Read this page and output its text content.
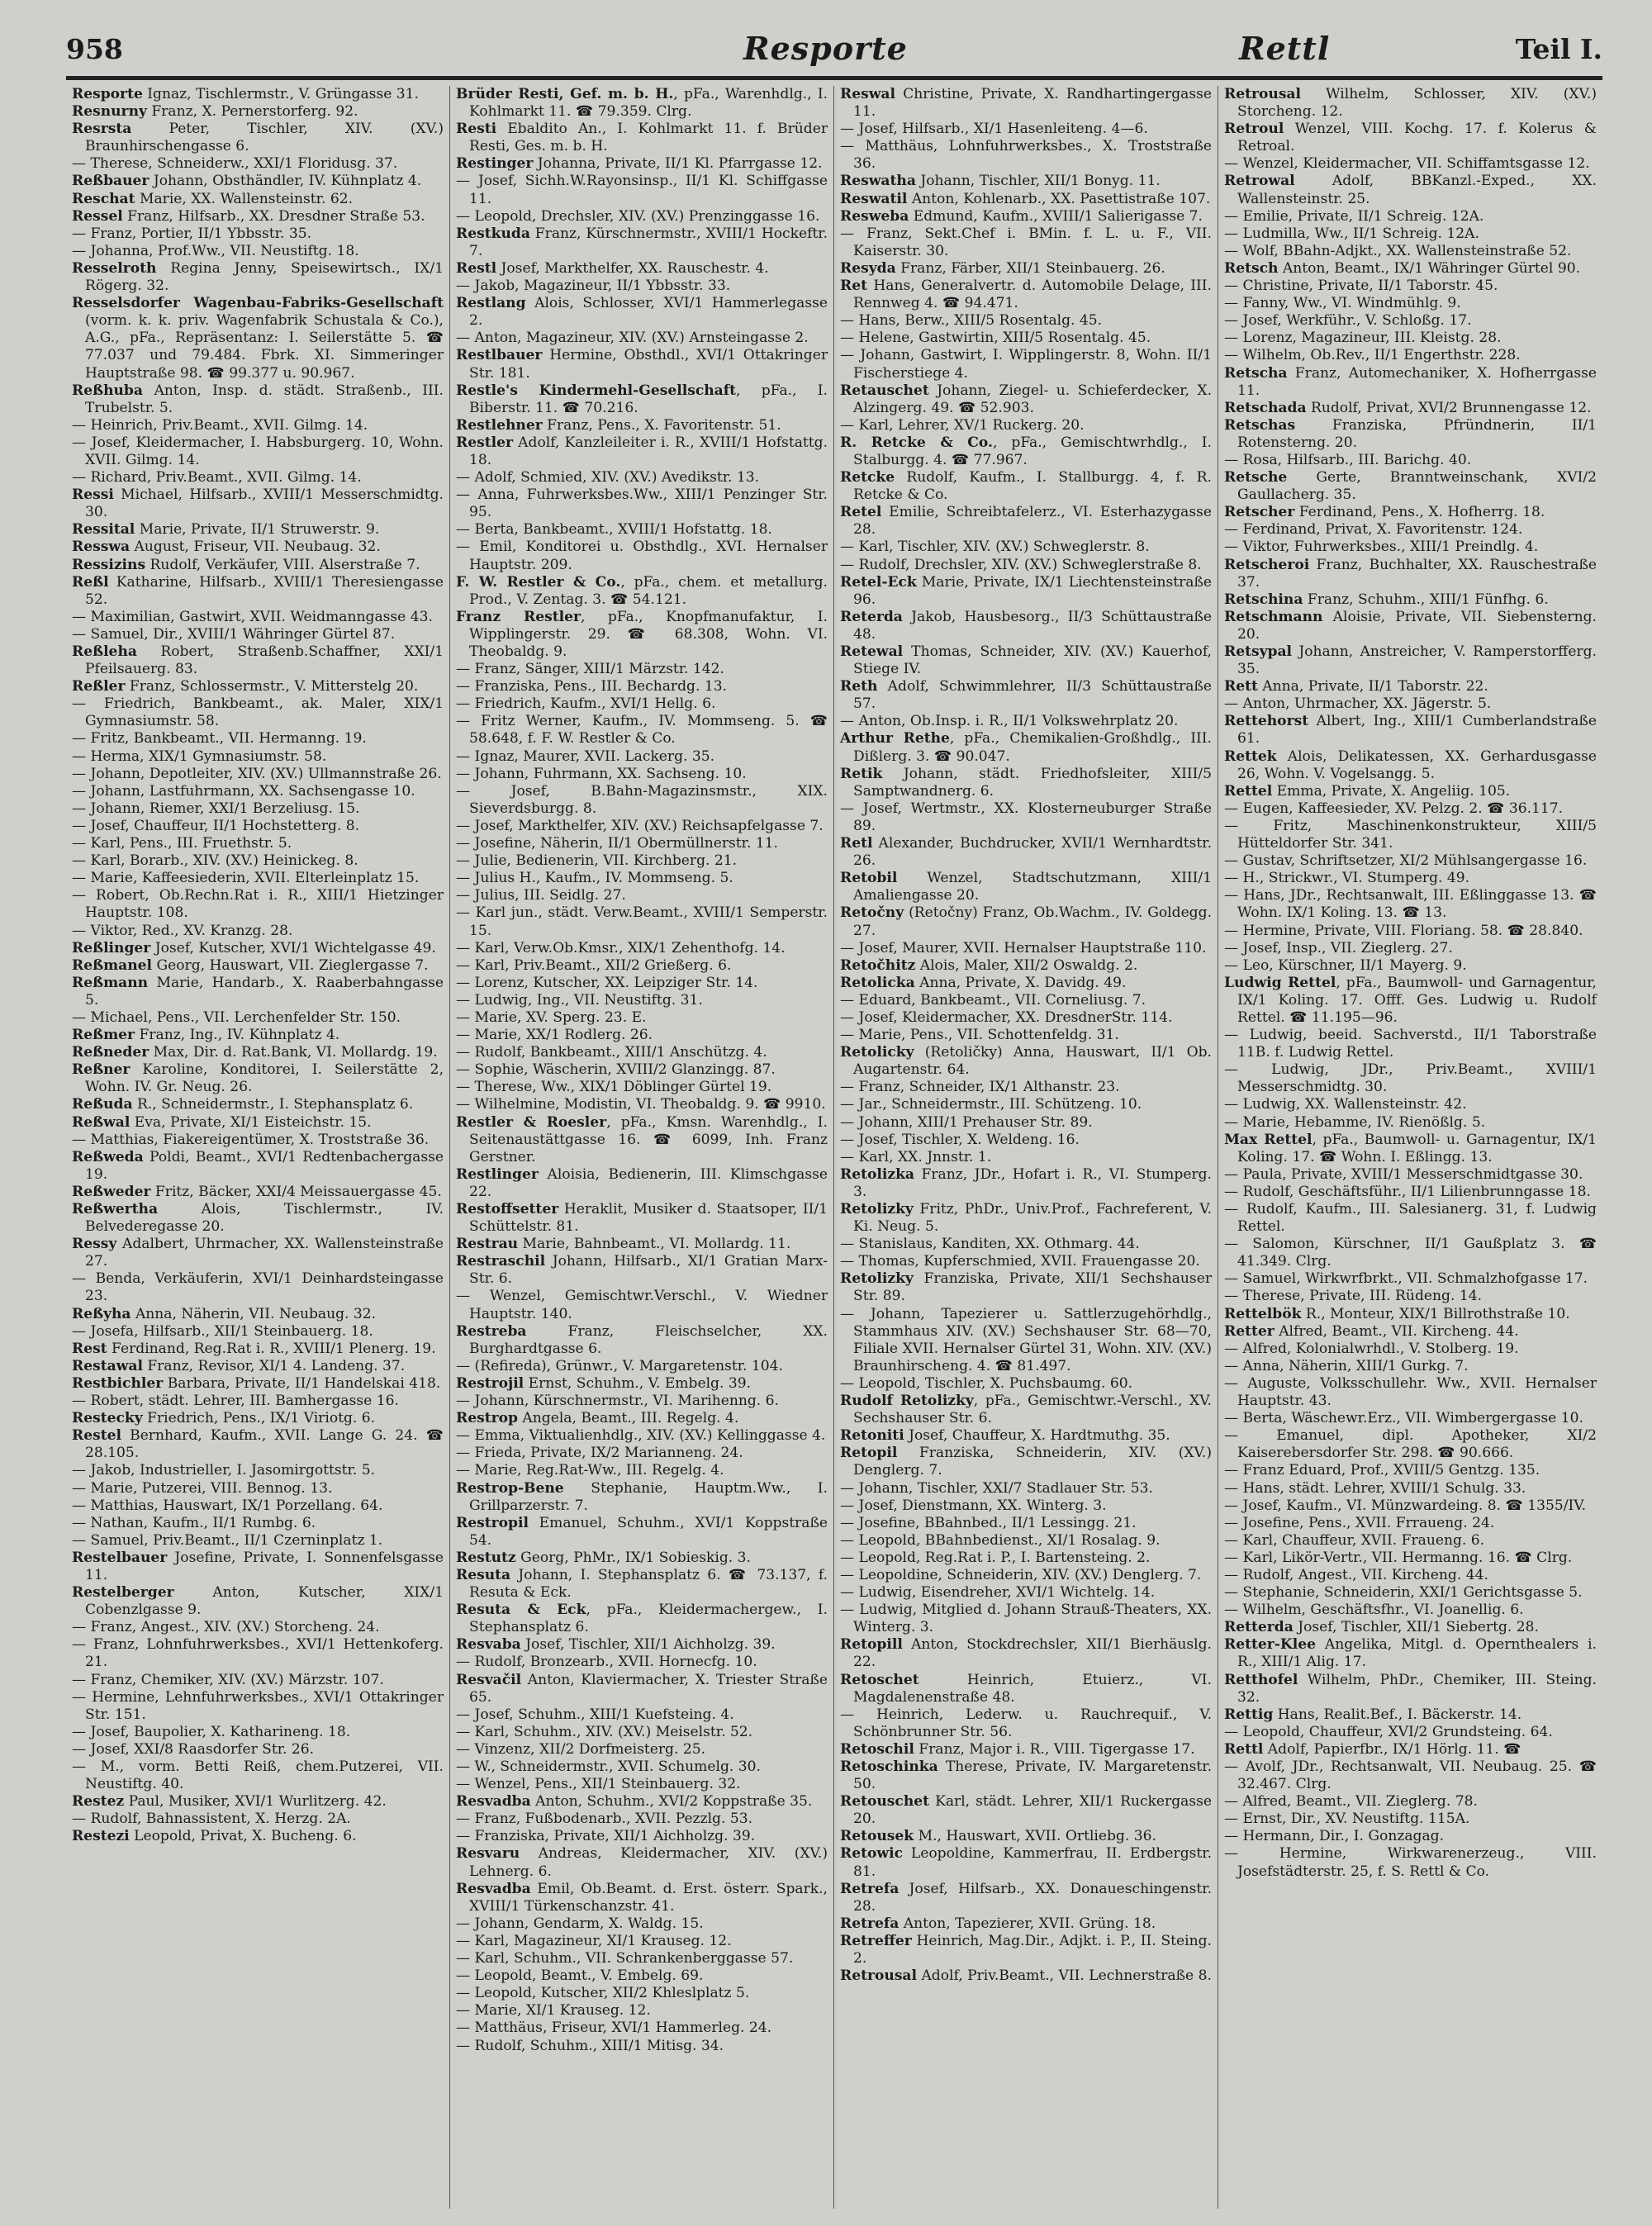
958	Resporte	Rettl	Teil I.
Resporte Ignaz, Tischlermstr., V. Grüngasse 31.
Resnurny Franz, X. Pernerstorferg. 92.
Resrsta Peter, Tischler, XIV. (XV.) Braunhirschengasse 6.
— Therese, Schneiderw., XXI/1 Floridusg. 37.
Reßbauer Johann, Obsthändler, IV. Kühnplatz 4.
Reschat Marie, XX. Wallensteinstr. 62.
Ressel Franz, Hilfsarb., XX. Dresdner Straße 53.
— Franz, Portier, II/1 Ybbsstr. 35.
— Johanna, Prof.Ww., VII. Neustiftg. 18.
Resselroth Regina Jenny, Speisewirtsch., IX/1 Rögerg. 32.
Resselsdorfer Wagenbau-Fabriks-Gesellschaft (vorm. k. k. priv. Wagenfabrik Schustala & Co.), A.G., pFa., Repräsentanz: I. Seilerstätte 5. ☎ 77.037 und 79.484. Fbrk. XI. Simmeringer Hauptstraße 98. ☎ 99.377 u. 90.967.
Reßhuba Anton, Insp. d. städt. Straßenb., III. Trubelstr. 5.
— Heinrich, Priv.Beamt., XVII. Gilmg. 14.
— Josef, Kleidermacher, I. Habsburgerg. 10, Wohn. XVII. Gilmg. 14.
— Richard, Priv.Beamt., XVII. Gilmg. 14.
Ressi Michael, Hilfsarb., XVIII/1 Messerschmidtg. 30.
Ressital Marie, Private, II/1 Struwerstr. 9.
Resswa August, Friseur, VII. Neubaug. 32.
Ressizins Rudolf, Verkäufer, VIII. Alserstraße 7.
Reßl Katharine, Hilfsarb., XVIII/1 Theresiengasse 52.
— Maximilian, Gastwirt, XVII. Weidmanngasse 43.
— Samuel, Dir., XVIII/1 Währinger Gürtel 87.
Reßleha Robert, Straßenb.Schaffner, XXI/1 Pfeilsauerg. 83.
Reßler Franz, Schlossermstr., V. Mitterstelg 20.
— Friedrich, Bankbeamt., ak. Maler, XIX/1 Gymnasiumstr. 58.
— Fritz, Bankbeamt., VII. Hermanng. 19.
— Herma, XIX/1 Gymnasiumstr. 58.
— Johann, Depotleiter, XIV. (XV.) Ullmannstraße 26.
— Johann, Lastfuhrmann, XX. Sachsengasse 10.
— Johann, Riemer, XXI/1 Berzeliusg. 15.
— Josef, Chauffeur, II/1 Hochstetterg. 8.
— Karl, Pens., III. Fruethstr. 5.
— Karl, Borarb., XIV. (XV.) Heinickeg. 8.
— Marie, Kaffeesiederin, XVII. Elterleinplatz 15.
— Robert, Ob.Rechn.Rat i. R., XIII/1 Hietzinger Hauptstr. 108.
— Viktor, Red., XV. Kranzg. 28.
Reßlinger Josef, Kutscher, XVI/1 Wichtelgasse 49.
Reßmanel Georg, Hauswart, VII. Zieglergasse 7.
Reßmann Marie, Handarb., X. Raaberbahngasse 5.
— Michael, Pens., VII. Lerchenfelder Str. 150.
Reßmer Franz, Ing., IV. Kühnplatz 4.
Reßneder Max, Dir. d. Rat.Bank, VI. Mollardg. 19.
Reßner Karoline, Konditorei, I. Seilerstätte 2, Wohn. IV. Gr. Neug. 26.
Reßuda R., Schneidermstr., I. Stephansplatz 6.
Reßwal Eva, Private, XI/1 Eisteichstr. 15.
— Matthias, Fiakereigentümer, X. Troststraße 36.
Reßweda Poldi, Beamt., XVI/1 Redtenbachergasse 19.
Reßweder Fritz, Bäcker, XXI/4 Meissauergasse 45.
Reßwertha Alois, Tischlermstr., IV. Belvederegasse 20.
Ressy Adalbert, Uhrmacher, XX. Wallensteinstraße 27.
— Benda, Verkäuferin, XVI/1 Deinhardsteingasse 23.
Reßyha Anna, Näherin, VII. Neubaug. 32.
— Josefa, Hilfsarb., XII/1 Steinbauerg. 18.
Rest Ferdinand, Reg.Rat i. R., XVIII/1 Plenerg. 19.
Restawal Franz, Revisor, XI/1 4. Landeng. 37.
Restbichler Barbara, Private, II/1 Handelskai 418.
— Robert, städt. Lehrer, III. Bamhergasse 16.
Restecky Friedrich, Pens., IX/1 Viriotg. 6.
Restel Bernhard, Kaufm., XVII. Lange G. 24. ☎ 28.105.
— Jakob, Industrieller, I. Jasomirgottstr. 5.
— Marie, Putzerei, VIII. Bennog. 13.
— Matthias, Hauswart, IX/1 Porzellang. 64.
— Nathan, Kaufm., II/1 Rumbg. 6.
— Samuel, Priv.Beamt., II/1 Czerninplatz 1.
Restelbauer Josefine, Private, I. Sonnenfelsgasse 11.
Restelberger Anton, Kutscher, XIX/1 Cobenzlgasse 9.
— Franz, Angest., XIV. (XV.) Storcheng. 24.
— Franz, Lohnfuhrwerksbes., XVI/1 Hettenkoferg. 21.
— Franz, Chemiker, XIV. (XV.) Märzstr. 107.
— Hermine, Lehnfuhrwerksbes., XVI/1 Ottakringer Str. 151.
— Josef, Baupolier, X. Katharineng. 18.
— Josef, XXI/8 Raasdorfer Str. 26.
— M., vorm. Betti Reiß, chem.Putzerei, VII. Neustiftg. 40.
Restez Paul, Musiker, XVI/1 Wurlitzerg. 42.
— Rudolf, Bahnassistent, X. Herzg. 2A.
Restezi Leopold, Privat, X. Bucheng. 6.
Brüder Resti, Gef. m. b. H., pFa., Warenhdlg., I. Kohlmarkt 11. ☎ 79.359. Clrg.
Resti Ebaldito An., I. Kohlmarkt 11. f. Brüder Resti, Ges. m. b. H.
Restinger Johanna, Private, II/1 Kl. Pfarrgasse 12.
— Josef, Sichh.W.Rayonsinsp., II/1 Kl. Schiffgasse 11.
— Leopold, Drechsler, XIV. (XV.) Prenzinggasse 16.
Restkuda Franz, Kürschnermstr., XVIII/1 Hockeftr. 7.
Restl Josef, Markthelfer, XX. Rauschestr. 4.
— Jakob, Magazineur, II/1 Ybbsstr. 33.
Restlang Alois, Schlosser, XVI/1 Hammerlegasse 2.
— Anton, Magazineur, XIV. (XV.) Arnsteingasse 2.
Restlbauer Hermine, Obsthdl., XVI/1 Ottakringer Str. 181.
Restle's Kindermehl-Gesellschaft, pFa., I. Biberstr. 11. ☎ 70.216.
Restlehner Franz, Pens., X. Favoritenstr. 51.
Restler Adolf, Kanzleileiter i. R., XVIII/1 Hofstattg. 18.
— Adolf, Schmied, XIV. (XV.) Avedikstr. 13.
— Anna, Fuhrwerksbes.Ww., XIII/1 Penzinger Str. 95.
— Berta, Bankbeamt., XVIII/1 Hofstattg. 18.
— Emil, Konditorei u. Obsthdlg., XVI. Hernalser Hauptstr. 209.
F. W. Restler & Co., pFa., chem. et metallurg. Prod., V. Zentag. 3. ☎ 54.121.
Franz Restler, pFa., Knopfmanufaktur, I. Wipplingerstr. 29. ☎ 68.308, Wohn. VI. Theobaldg. 9.
— Franz, Sänger, XIII/1 Märzstr. 142.
— Franziska, Pens., III. Bechardg. 13.
— Friedrich, Kaufm., XVI/1 Hellg. 6.
— Fritz Werner, Kaufm., IV. Mommseng. 5. ☎ 58.648, f. F. W. Restler & Co.
— Ignaz, Maurer, XVII. Lackerg. 35.
— Johann, Fuhrmann, XX. Sachseng. 10.
— Josef, B.Bahn-Magazinsmstr., XIX. Sieverdsburgg. 8.
— Josef, Markthelfer, XIV. (XV.) Reichsapfelgasse 7.
— Josefine, Näherin, II/1 Obermüllnerstr. 11.
— Julie, Bedienerin, VII. Kirchberg. 21.
— Julius H., Kaufm., IV. Mommseng. 5.
— Julius, III. Seidlg. 27.
— Karl jun., städt. Verw.Beamt., XVIII/1 Semperstr. 15.
— Karl, Verw.Ob.Kmsr., XIX/1 Zehenthofg. 14.
— Karl, Priv.Beamt., XII/2 Grießerg. 6.
— Lorenz, Kutscher, XX. Leipziger Str. 14.
— Ludwig, Ing., VII. Neustiftg. 31.
— Marie, XV. Sperg. 23. E.
— Marie, XX/1 Rodlerg. 26.
— Rudolf, Bankbeamt., XIII/1 Anschützg. 4.
— Sophie, Wäscherin, XVIII/2 Glanzingg. 87.
— Therese, Ww., XIX/1 Döblinger Gürtel 19.
— Wilhelmine, Modistin, VI. Theobaldg. 9. ☎ 9910.
Restler & Roesler, pFa., Kmsn. Warenhdlg., I. Seitenaustättgasse 16. ☎ 6099, Inh. Franz Gerstner.
Restlinger Aloisia, Bedienerin, III. Klimschgasse 22.
Restoffsetter Heraklit, Musiker d. Staatsoper, II/1 Schüttelstr. 81.
Restrau Marie, Bahnbeamt., VI. Mollardg. 11.
Restraschil Johann, Hilfsarb., XI/1 Gratian Marx-Str. 6.
— Wenzel, Gemischtwr.Verschl., V. Wiedner Hauptstr. 140.
Restreba Franz, Fleischselcher, XX. Burghardtgasse 6.
— (Refireda), Grünwr., V. Margaretenstr. 104.
Restrojil Ernst, Schuhm., V. Embelg. 39.
— Johann, Kürschnermstr., VI. Marihenng. 6.
Restrop Angela, Beamt., III. Regelg. 4.
— Emma, Viktualienhdlg., XIV. (XV.) Kellinggasse 4.
— Frieda, Private, IX/2 Marianneng. 24.
— Marie, Reg.Rat-Ww., III. Regelg. 4.
Restrop-Bene Stephanie, Hauptm.Ww., I. Grillparzerstr. 7.
Restropil Emanuel, Schuhm., XVI/1 Koppstraße 54.
Restutz Georg, PhMr., IX/1 Sobieskig. 3.
Resuta Johann, I. Stephansplatz 6. ☎ 73.137, f. Resuta & Eck.
Resuta & Eck, pFa., Kleidermachergew., I. Stephansplatz 6.
Resvaba Josef, Tischler, XII/1 Aichholzg. 39.
— Rudolf, Bronzearb., XVII. Hornecfg. 10.
Resvačil Anton, Klaviermacher, X. Triester Straße 65.
— Josef, Schuhm., XIII/1 Kuefsteing. 4.
— Karl, Schuhm., XIV. (XV.) Meiselstr. 52.
— Vinzenz, XII/2 Dorfmeisterg. 25.
— W., Schneidermstr., XVII. Schumelg. 30.
— Wenzel, Pens., XII/1 Steinbauerg. 32.
Resvadba Anton, Schuhm., XVI/2 Koppstraße 35.
— Franz, Fußbodenarb., XVII. Pezzlg. 53.
— Franziska, Private, XII/1 Aichholzg. 39.
Resvaru Andreas, Kleidermacher, XIV. (XV.) Lehnerg. 6.
Resvadba Emil, Ob.Beamt. d. Erst. österr. Spark., XVIII/1 Türkenschanzstr. 41.
— Johann, Gendarm, X. Waldg. 15.
— Karl, Magazineur, XI/1 Krauseg. 12.
— Karl, Schuhm., VII. Schrankenberggasse 57.
— Leopold, Beamt., V. Embelg. 69.
— Leopold, Kutscher, XII/2 Khleslplatz 5.
— Marie, XI/1 Krauseg. 12.
— Matthäus, Friseur, XVI/1 Hammerleg. 24.
— Rudolf, Schuhm., XIII/1 Mitisg. 34.
Reswal Christine, Private, X. Randhartingergasse 11.
— Josef, Hilfsarb., XI/1 Hasenleiteng. 4—6.
— Matthäus, Lohnfuhrwerksbes., X. Troststraße 36.
Reswatha Johann, Tischler, XII/1 Bonyg. 11.
Reswatil Anton, Kohlenarb., XX. Pasettistraße 107.
Resweba Edmund, Kaufm., XVIII/1 Salierigasse 7.
— Franz, Sekt.Chef i. BMin. f. L. u. F., VII. Kaiserstr. 30.
Resyda Franz, Färber, XII/1 Steinbauerg. 26.
Ret Hans, Generalvertr. d. Automobile Delage, III. Rennweg 4. ☎ 94.471.
— Hans, Berw., XIII/5 Rosentalg. 45.
— Helene, Gastwirtin, XIII/5 Rosentalg. 45.
— Johann, Gastwirt, I. Wipplingerstr. 8, Wohn. II/1 Fischerstiege 4.
Retauschet Johann, Ziegel- u. Schieferdecker, X. Alzingerg. 49. ☎ 52.903.
— Karl, Lehrer, XV/1 Ruckerg. 20.
R. Retcke & Co., pFa., Gemischtwrhdlg., I. Stalburgg. 4. ☎ 77.967.
Retcke Rudolf, Kaufm., I. Stallburgg. 4, f. R. Retcke & Co.
Retel Emilie, Schreibtafelerz., VI. Esterhazygasse 28.
— Karl, Tischler, XIV. (XV.) Schweglerstr. 8.
— Rudolf, Drechsler, XIV. (XV.) Schweglerstraße 8.
Retel-Eck Marie, Private, IX/1 Liechtensteinstraße 96.
Reterda Jakob, Hausbesorg., II/3 Schüttaustraße 48.
Retewal Thomas, Schneider, XIV. (XV.) Kauerhof, Stiege IV.
Reth Adolf, Schwimmlehrer, II/3 Schüttaustraße 57.
— Anton, Ob.Insp. i. R., II/1 Volkswehrplatz 20.
Arthur Rethe, pFa., Chemikalien-Großhdlg., III. Dißlerg. 3. ☎ 90.047.
Retik Johann, städt. Friedhofsleiter, XIII/5 Samptwandnerg. 6.
— Josef, Wertmstr., XX. Klosterneuburger Straße 89.
Retl Alexander, Buchdrucker, XVII/1 Wernhardtstr. 26.
Retobil Wenzel, Stadtschutzmann, XIII/1 Amaliengasse 20.
Retočny (Retočny) Franz, Ob.Wachm., IV. Goldegg. 27.
— Josef, Maurer, XVII. Hernalser Hauptstraße 110.
Retočhitz Alois, Maler, XII/2 Oswaldg. 2.
Retolicka Anna, Private, X. Davidg. 49.
— Eduard, Bankbeamt., VII. Corneliusg. 7.
— Josef, Kleidermacher, XX. DresdnerStr. 114.
— Marie, Pens., VII. Schottenfeldg. 31.
Retolicky (Retoličky) Anna, Hauswart, II/1 Ob. Augartenstr. 64.
— Franz, Schneider, IX/1 Althanstr. 23.
— Jar., Schneidermstr., III. Schützeng. 10.
— Johann, XIII/1 Prehauser Str. 89.
— Josef, Tischler, X. Weldeng. 16.
— Karl, XX. Jnnstr. 1.
Retolizka Franz, JDr., Hofart i. R., VI. Stumperg. 3.
Retolizky Fritz, PhDr., Univ.Prof., Fachreferent, V. Ki. Neug. 5.
— Stanislaus, Kanditen, XX. Othmarg. 44.
— Thomas, Kupferschmied, XVII. Frauengasse 20.
Retolizky Franziska, Private, XII/1 Sechshauser Str. 89.
— Johann, Tapezierer u. Sattlerzugehörhdlg., Stammhaus XIV. (XV.) Sechshauser Str. 68—70, Filiale XVII. Hernalser Gürtel 31, Wohn. XIV. (XV.) Braunhirscheng. 4. ☎ 81.497.
— Leopold, Tischler, X. Puchsbaumg. 60.
Rudolf Retolizky, pFa., Gemischtwr.-Verschl., XV. Sechshauser Str. 6.
Retoniti Josef, Chauffeur, X. Hardtmuthg. 35.
Retopil Franziska, Schneiderin, XIV. (XV.) Denglerg. 7.
— Johann, Tischler, XXI/7 Stadlauer Str. 53.
— Josef, Dienstmann, XX. Winterg. 3.
— Josefine, BBahnbed., II/1 Lessingg. 21.
— Leopold, BBahnbedienst., XI/1 Rosalag. 9.
— Leopold, Reg.Rat i. P., I. Bartensteing. 2.
— Leopoldine, Schneiderin, XIV. (XV.) Denglerg. 7.
— Ludwig, Eisendreher, XVI/1 Wichtelg. 14.
— Ludwig, Mitglied d. Johann Strauß-Theaters, XX. Winterg. 3.
Retopill Anton, Stockdrechsler, XII/1 Bierhäuslg. 22.
Retoschet Heinrich, Etuierz., VI. Magdalenenstraße 48.
— Heinrich, Lederw. u. Rauchrequif., V. Schönbrunner Str. 56.
Retoschil Franz, Major i. R., VIII. Tigergasse 17.
Retoschinka Therese, Private, IV. Margaretenstr. 50.
Retouschet Karl, städt. Lehrer, XII/1 Ruckergasse 20.
Retousek M., Hauswart, XVII. Ortliebg. 36.
Retowic Leopoldine, Kammerfrau, II. Erdbergstr. 81.
Retrefa Josef, Hilfsarb., XX. Donaueschingenstr. 28.
Retrefa Anton, Tapezierer, XVII. Grüng. 18.
Retreffer Heinrich, Mag.Dir., Adjkt. i. P., II. Steing. 2.
Retrousal Adolf, Priv.Beamt., VII. Lechnerstraße 8.
Retrousal Wilhelm, Schlosser, XIV. (XV.) Storcheng. 12.
Retroul Wenzel, VIII. Kochg. 17. f. Kolerus & Retroal.
— Wenzel, Kleidermacher, VII. Schiffamtsgasse 12.
Retrowal Adolf, BBKanzl.-Exped., XX. Wallensteinstr. 25.
— Emilie, Private, II/1 Schreig. 12A.
— Ludmilla, Ww., II/1 Schreig. 12A.
— Wolf, BBahn-Adjkt., XX. Wallensteinstraße 52.
Retsch Anton, Beamt., IX/1 Währinger Gürtel 90.
— Christine, Private, II/1 Taborstr. 45.
— Fanny, Ww., VI. Windmühlg. 9.
— Josef, Werkführ., V. Schloßg. 17.
— Lorenz, Magazineur, III. Kleistg. 28.
— Wilhelm, Ob.Rev., II/1 Engerthstr. 228.
Retscha Franz, Automechaniker, X. Hofherrgasse 11.
Retschada Rudolf, Privat, XVI/2 Brunnengasse 12.
Retschas Franziska, Pfründnerin, II/1 Rotensterng. 20.
— Rosa, Hilfsarb., III. Barichg. 40.
Retsche Gerte, Branntweinschank, XVI/2 Gaullacherg. 35.
Retscher Ferdinand, Pens., X. Hofherrg. 18.
— Ferdinand, Privat, X. Favoritenstr. 124.
— Viktor, Fuhrwerksbes., XIII/1 Preindlg. 4.
Retscheroi Franz, Buchhalter, XX. Rauschestraße 37.
Retschina Franz, Schuhm., XIII/1 Fünfhg. 6.
Retschmann Aloisie, Private, VII. Siebensterng. 20.
Retsypal Johann, Anstreicher, V. Ramperstorfferg. 35.
Rett Anna, Private, II/1 Taborstr. 22.
— Anton, Uhrmacher, XX. Jägerstr. 5.
Rettehorst Albert, Ing., XIII/1 Cumberlandstraße 61.
Rettek Alois, Delikatessen, XX. Gerhardusgasse 26, Wohn. V. Vogelsangg. 5.
Rettel Emma, Private, X. Angeliig. 105.
— Eugen, Kaffeesieder, XV. Pelzg. 2. ☎ 36.117.
— Fritz, Maschinenkonstrukteur, XIII/5 Hütteldorfer Str. 341.
— Gustav, Schriftsetzer, XI/2 Mühlsangergasse 16.
— H., Strickwr., VI. Stumperg. 49.
— Hans, JDr., Rechtsanwalt, III. Eßlinggasse 13. ☎ Wohn. IX/1 Koling. 13. ☎ 13.
— Hermine, Private, VIII. Floriang. 58. ☎ 28.840.
— Josef, Insp., VII. Zieglerg. 27.
— Leo, Kürschner, II/1 Mayerg. 9.
Ludwig Rettel, pFa., Baumwoll- und Garnagentur, IX/1 Koling. 17. Offf. Ges. Ludwig u. Rudolf Rettel. ☎ 11.195—96.
— Ludwig, beeid. Sachverstd., II/1 Taborstraße 11B. f. Ludwig Rettel.
— Ludwig, JDr., Priv.Beamt., XVIII/1 Messerschmidtg. 30.
— Ludwig, XX. Wallensteinstr. 42.
— Marie, Hebamme, IV. Rienößlg. 5.
Max Rettel, pFa., Baumwoll- u. Garnagentur, IX/1 Koling. 17. ☎ Wohn. I. Eßlingg. 13.
— Paula, Private, XVIII/1 Messerschmidtgasse 30.
— Rudolf, Geschäftsführ., II/1 Lilienbrunngasse 18.
— Rudolf, Kaufm., III. Salesianerg. 31, f. Ludwig Rettel.
— Salomon, Kürschner, II/1 Gaußplatz 3. ☎ 41.349. Clrg.
— Samuel, Wirkwrfbrkt., VII. Schmalzhofgasse 17.
— Therese, Private, III. Rüdeng. 14.
Rettelbök R., Monteur, XIX/1 Billrothstraße 10.
Retter Alfred, Beamt., VII. Kircheng. 44.
— Alfred, Kolonialwrhdl., V. Stolberg. 19.
— Anna, Näherin, XIII/1 Gurkg. 7.
— Auguste, Volksschullehr. Ww., XVII. Hernalser Hauptstr. 43.
— Berta, Wäschewr.Erz., VII. Wimbergergasse 10.
— Emanuel, dipl. Apotheker, XI/2 Kaiserebersdorfer Str. 298. ☎ 90.666.
— Franz Eduard, Prof., XVIII/5 Gentzg. 135.
— Hans, städt. Lehrer, XVIII/1 Schulg. 33.
— Josef, Kaufm., VI. Münzwardeing. 8. ☎ 1355/IV.
— Josefine, Pens., XVII. Frraueng. 24.
— Karl, Chauffeur, XVII. Fraueng. 6.
— Karl, Likör-Vertr., VII. Hermanng. 16. ☎ Clrg.
— Rudolf, Angest., VII. Kircheng. 44.
— Stephanie, Schneiderin, XXI/1 Gerichtsgasse 5.
— Wilhelm, Geschäftsfhr., VI. Joanellig. 6.
Retterda Josef, Tischler, XII/1 Siebertg. 28.
Retter-Klee Angelika, Mitgl. d. Opernthealers i. R., XIII/1 Alig. 17.
Retthofel Wilhelm, PhDr., Chemiker, III. Steing. 32.
Rettig Hans, Realit.Bef., I. Bäckerstr. 14.
— Leopold, Chauffeur, XVI/2 Grundsteing. 64.
Rettl Adolf, Papierfbr., IX/1 Hörlg. 11. ☎
— Avolf, JDr., Rechtsanwalt, VII. Neubaug. 25. ☎ 32.467. Clrg.
— Alfred, Beamt., VII. Zieglerg. 78.
— Ernst, Dir., XV. Neustiftg. 115A.
— Hermann, Dir., I. Gonzagag.
— Hermine, Wirkwarenerzeug., VIII. Josefstädterstr. 25, f. S. Rettl & Co.
